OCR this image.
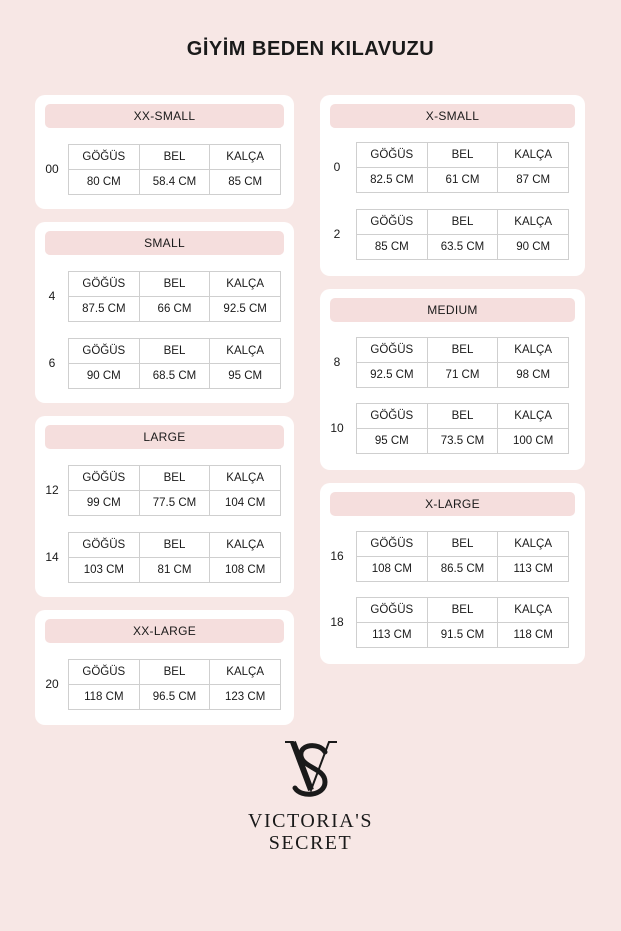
GİYİM BEDEN KILAVUZU
XX-SMALL
00
GÖĞÜS	BEL	KALÇA
80 CM	58.4 CM	85 CM
SMALL
4
GÖĞÜS	BEL	KALÇA
87.5 CM	66 CM	92.5 CM
6
GÖĞÜS	BEL	KALÇA
90 CM	68.5 CM	95 CM
LARGE
12
GÖĞÜS	BEL	KALÇA
99 CM	77.5 CM	104 CM
14
GÖĞÜS	BEL	KALÇA
103 CM	81 CM	108 CM
XX-LARGE
20
GÖĞÜS	BEL	KALÇA
118 CM	96.5 CM	123 CM
X-SMALL
0
GÖĞÜS	BEL	KALÇA
82.5 CM	61 CM	87 CM
2
GÖĞÜS	BEL	KALÇA
85 CM	63.5 CM	90 CM
MEDIUM
8
GÖĞÜS	BEL	KALÇA
92.5 CM	71 CM	98 CM
10
GÖĞÜS	BEL	KALÇA
95 CM	73.5 CM	100 CM
X-LARGE
16
GÖĞÜS	BEL	KALÇA
108 CM	86.5 CM	113 CM
18
GÖĞÜS	BEL	KALÇA
113 CM	91.5 CM	118 CM
VICTORIA'S
SECRET
